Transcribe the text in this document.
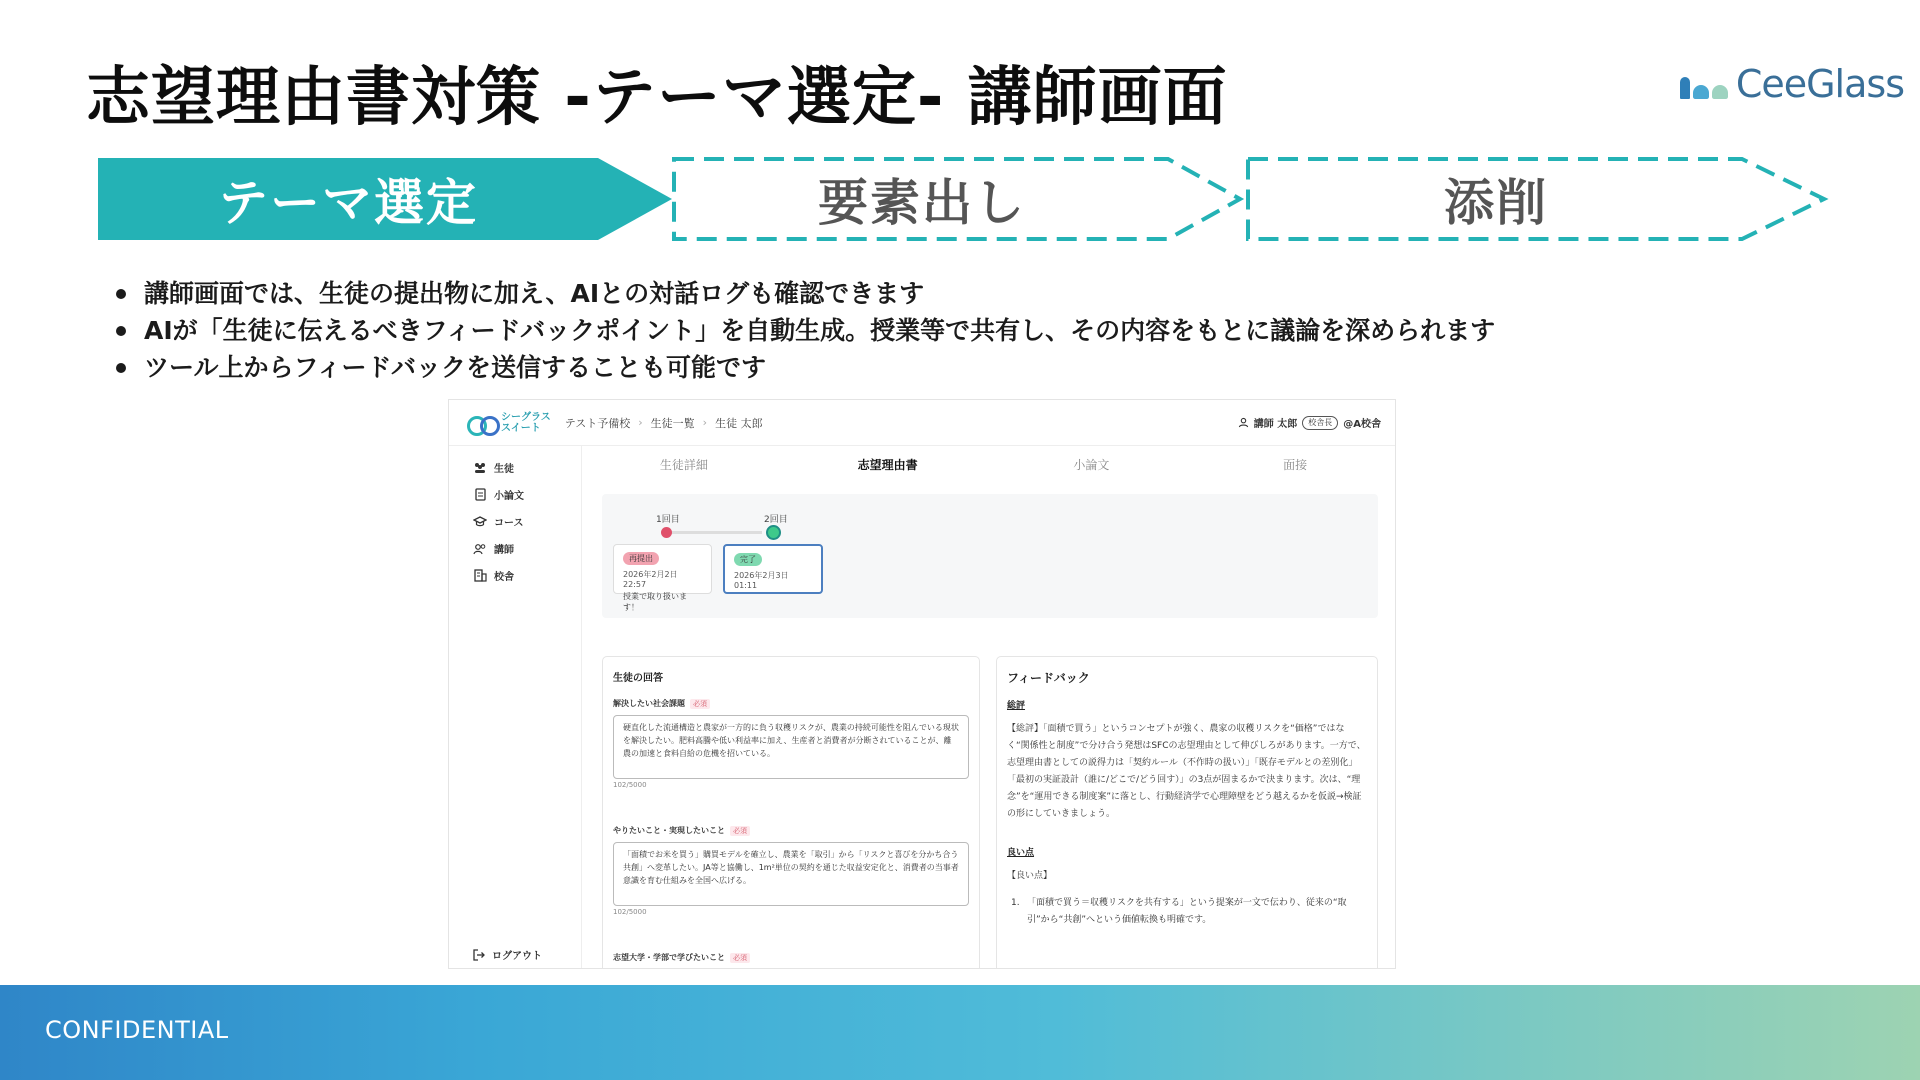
志望理由書対策 -テーマ選定- 講師画面	CeeGlass
テーマ選定	要素出し	添削
講師画面では、生徒の提出物に加え、AIとの対話ログも確認できます
AIが「生徒に伝えるべきフィードバックポイント」を自動生成。授業等で共有し、その内容をもとに議論を深められます
ツール上からフィードバックを送信することも可能です
シーグラス
スイート	テスト予備校 › 生徒一覧 › 生徒 太郎	講師 太郎	校舎長	@A校舎
生徒
小論文
コース
講師
校舎
ログアウト
生徒詳細	志望理由書	小論文	面接
1回目	2回目
再提出
2026年2月2日 22:57
授業で取り扱います！
完了
2026年2月3日 01:11
生徒の回答
解決したい社会課題	必須
硬直化した流通構造と農家が一方的に負う収穫リスクが、農業の持続可能性を阻んでいる現状を解決したい。肥料高騰や低い利益率に加え、生産者と消費者が分断されていることが、離農の加速と食料自給の危機を招いている。
102/5000
やりたいこと・実現したいこと	必須
「面積でお米を買う」購買モデルを確立し、農業を「取引」から「リスクと喜びを分かち合う共創」へ変革したい。JA等と協働し、1m²単位の契約を通じた収益安定化と、消費者の当事者意識を育む仕組みを全国へ広げる。
102/5000
志望大学・学部で学びたいこと	必須
フィードバック
総評
【総評】「面積で買う」というコンセプトが強く、農家の収穫リスクを“価格”ではなく“関係性と制度”で分け合う発想はSFCの志望理由として伸びしろがあります。一方で、志望理由書としての説得力は「契約ルール（不作時の扱い）」「既存モデルとの差別化」「最初の実証設計（誰に/どこで/どう回す）」の3点が固まるかで決まります。次は、“理念”を“運用できる制度案”に落とし、行動経済学で心理障壁をどう越えるかを仮説→検証の形にしていきましょう。
良い点
【良い点】
1. 「面積で買う＝収穫リスクを共有する」という提案が一文で伝わり、従来の“取引”から“共創”へという価値転換も明確です。
CONFIDENTIAL
